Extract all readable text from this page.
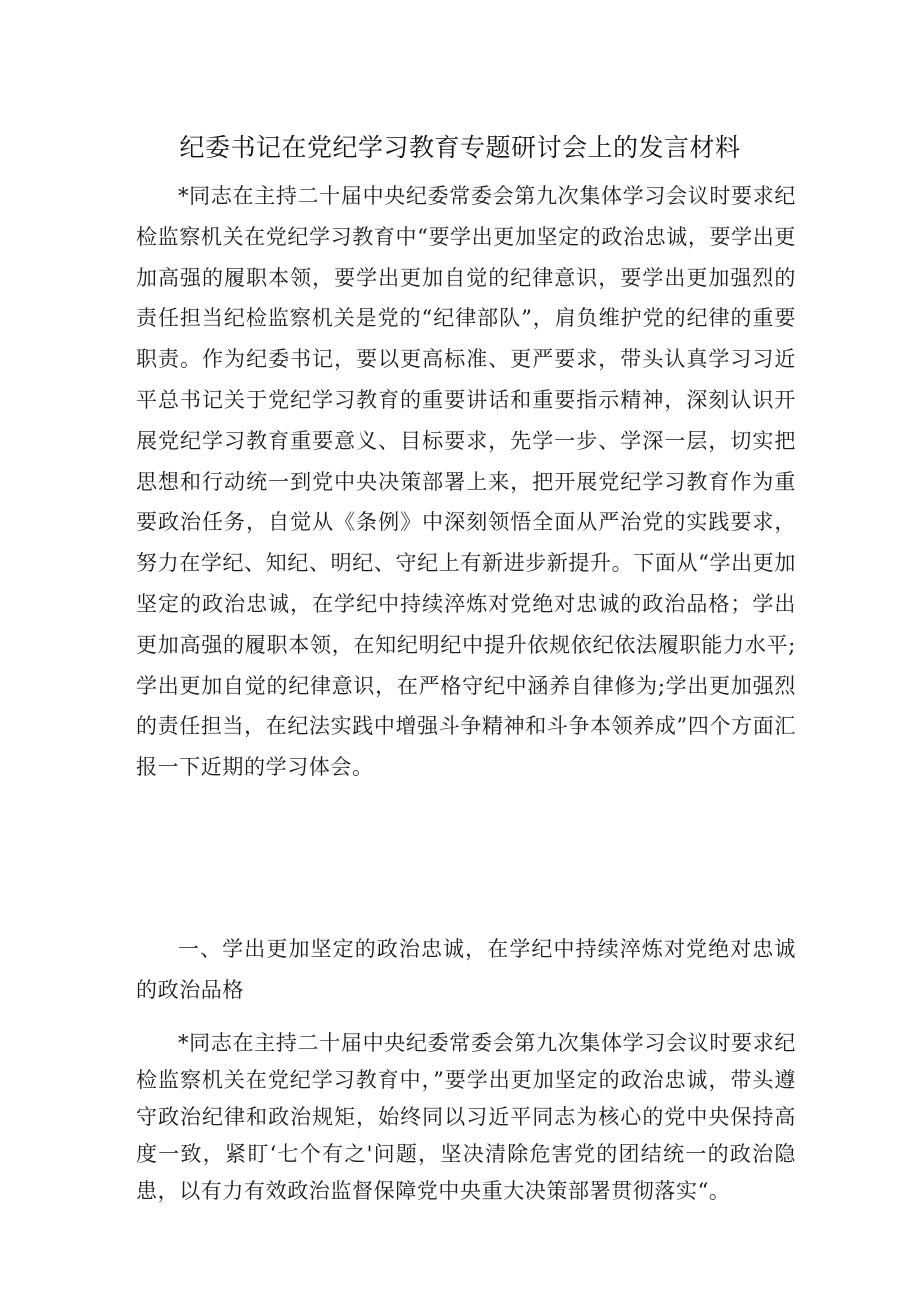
纪委书记在党纪学习教育专题研讨会上的发言材料

*同志在主持二十届中央纪委常委会第九次集体学习会议时要求纪检监察机关在党纪学习教育中“要学出更加坚定的政治忠诚，要学出更加高强的履职本领，要学出更加自觉的纪律意识，要学出更加强烈的责任担当纪检监察机关是党的“纪律部队”，肩负维护党的纪律的重要职责。作为纪委书记，要以更高标准、更严要求，带头认真学习习近平总书记关于党纪学习教育的重要讲话和重要指示精神，深刻认识开展党纪学习教育重要意义、目标要求，先学一步、学深一层，切实把思想和行动统一到党中央决策部署上来，把开展党纪学习教育作为重要政治任务，自觉从《条例》中深刻领悟全面从严治党的实践要求，努力在学纪、知纪、明纪、守纪上有新进步新提升。下面从“学出更加坚定的政治忠诚，在学纪中持续淬炼对党绝对忠诚的政治品格；学出更加高强的履职本领，在知纪明纪中提升依规依纪依法履职能力水平;学出更加自觉的纪律意识，在严格守纪中涵养自律修为;学出更加强烈的责任担当，在纪法实践中增强斗争精神和斗争本领养成”四个方面汇报一下近期的学习体会。

一、学出更加坚定的政治忠诚，在学纪中持续淬炼对党绝对忠诚的政治品格

*同志在主持二十届中央纪委常委会第九次集体学习会议时要求纪检监察机关在党纪学习教育中，”要学出更加坚定的政治忠诚，带头遵守政治纪律和政治规矩，始终同以习近平同志为核心的党中央保持高度一致，紧盯‘七个有之'问题，坚决清除危害党的团结统一的政治隐患，以有力有效政治监督保障党中央重大决策部署贯彻落实“。
